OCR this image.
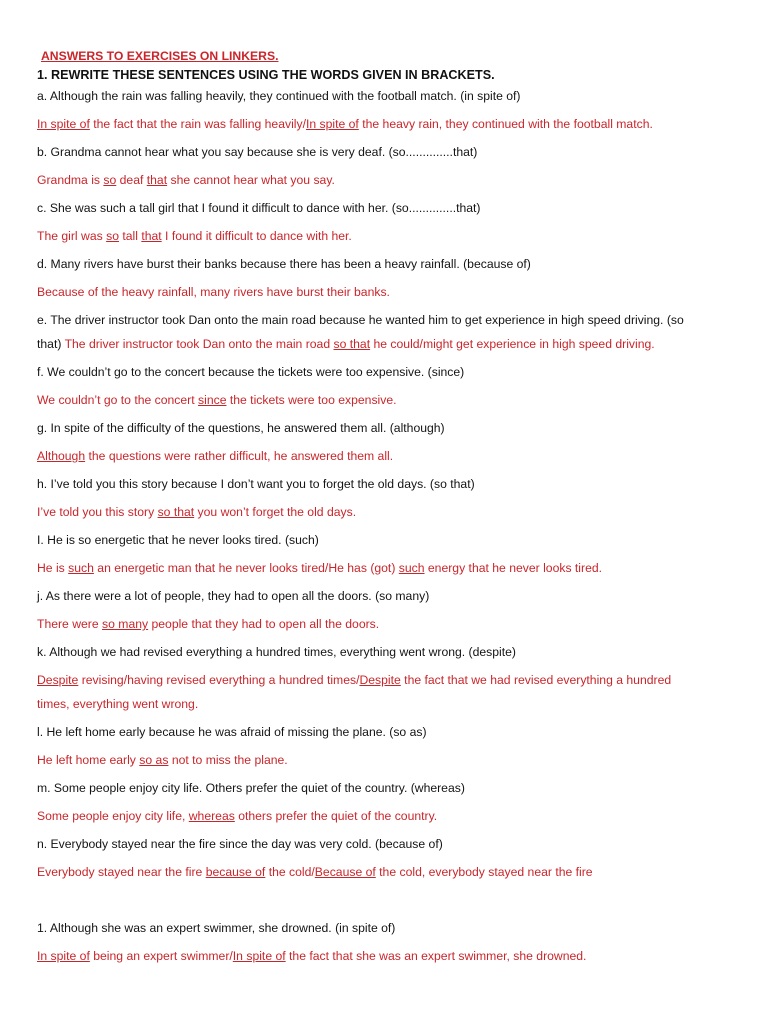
ANSWERS TO EXERCISES ON LINKERS.
1. REWRITE THESE SENTENCES USING THE WORDS GIVEN IN BRACKETS.
a. Although the rain was falling heavily, they continued with the football match. (in spite of)
In spite of the fact that the rain was falling heavily/In spite of the heavy rain, they continued with the football match.
b. Grandma cannot hear what you say because she is very deaf. (so..............that)
Grandma is so deaf that she cannot hear what you say.
c. She was such a tall girl that I found it difficult to dance with her. (so..............that)
The girl was so tall that I found it difficult to dance with her.
d. Many rivers have burst their banks because there has been a heavy rainfall. (because of)
Because of the heavy rainfall, many rivers have burst their banks.
e. The driver instructor took Dan onto the main road because he wanted him to get experience in high speed driving. (so
that) The driver instructor took Dan onto the main road so that he could/might get experience in high speed driving.
f. We couldn’t go to the concert because the tickets were too expensive. (since)
We couldn’t go to the concert since the tickets were too expensive.
g. In spite of the difficulty of the questions, he answered them all. (although)
Although the questions were rather difficult, he answered them all.
h. I’ve told you this story because I don’t want you to forget the old days. (so that)
I’ve told you this story so that you won’t forget the old days.
I. He is so energetic that he never looks tired. (such)
He is such an energetic man that he never looks tired/He has (got) such energy that he never looks tired.
j. As there were a lot of people, they had to open all the doors. (so many)
There were so many people that they had to open all the doors.
k. Although we had revised everything a hundred times, everything went wrong. (despite)
Despite revising/having revised everything a hundred times/Despite the fact that we had revised everything a hundred
times, everything went wrong.
l. He left home early because he was afraid of missing the plane. (so as)
He left home early so as not to miss the plane.
m. Some people enjoy city life. Others prefer the quiet of the country. (whereas)
Some people enjoy city life, whereas others prefer the quiet of the country.
n. Everybody stayed near the fire since the day was very cold. (because of)
Everybody stayed near the fire because of the cold/Because of the cold, everybody stayed near the fire
1. Although she was an expert swimmer, she drowned. (in spite of)
In spite of being an expert swimmer/In spite of the fact that she was an expert swimmer, she drowned.
